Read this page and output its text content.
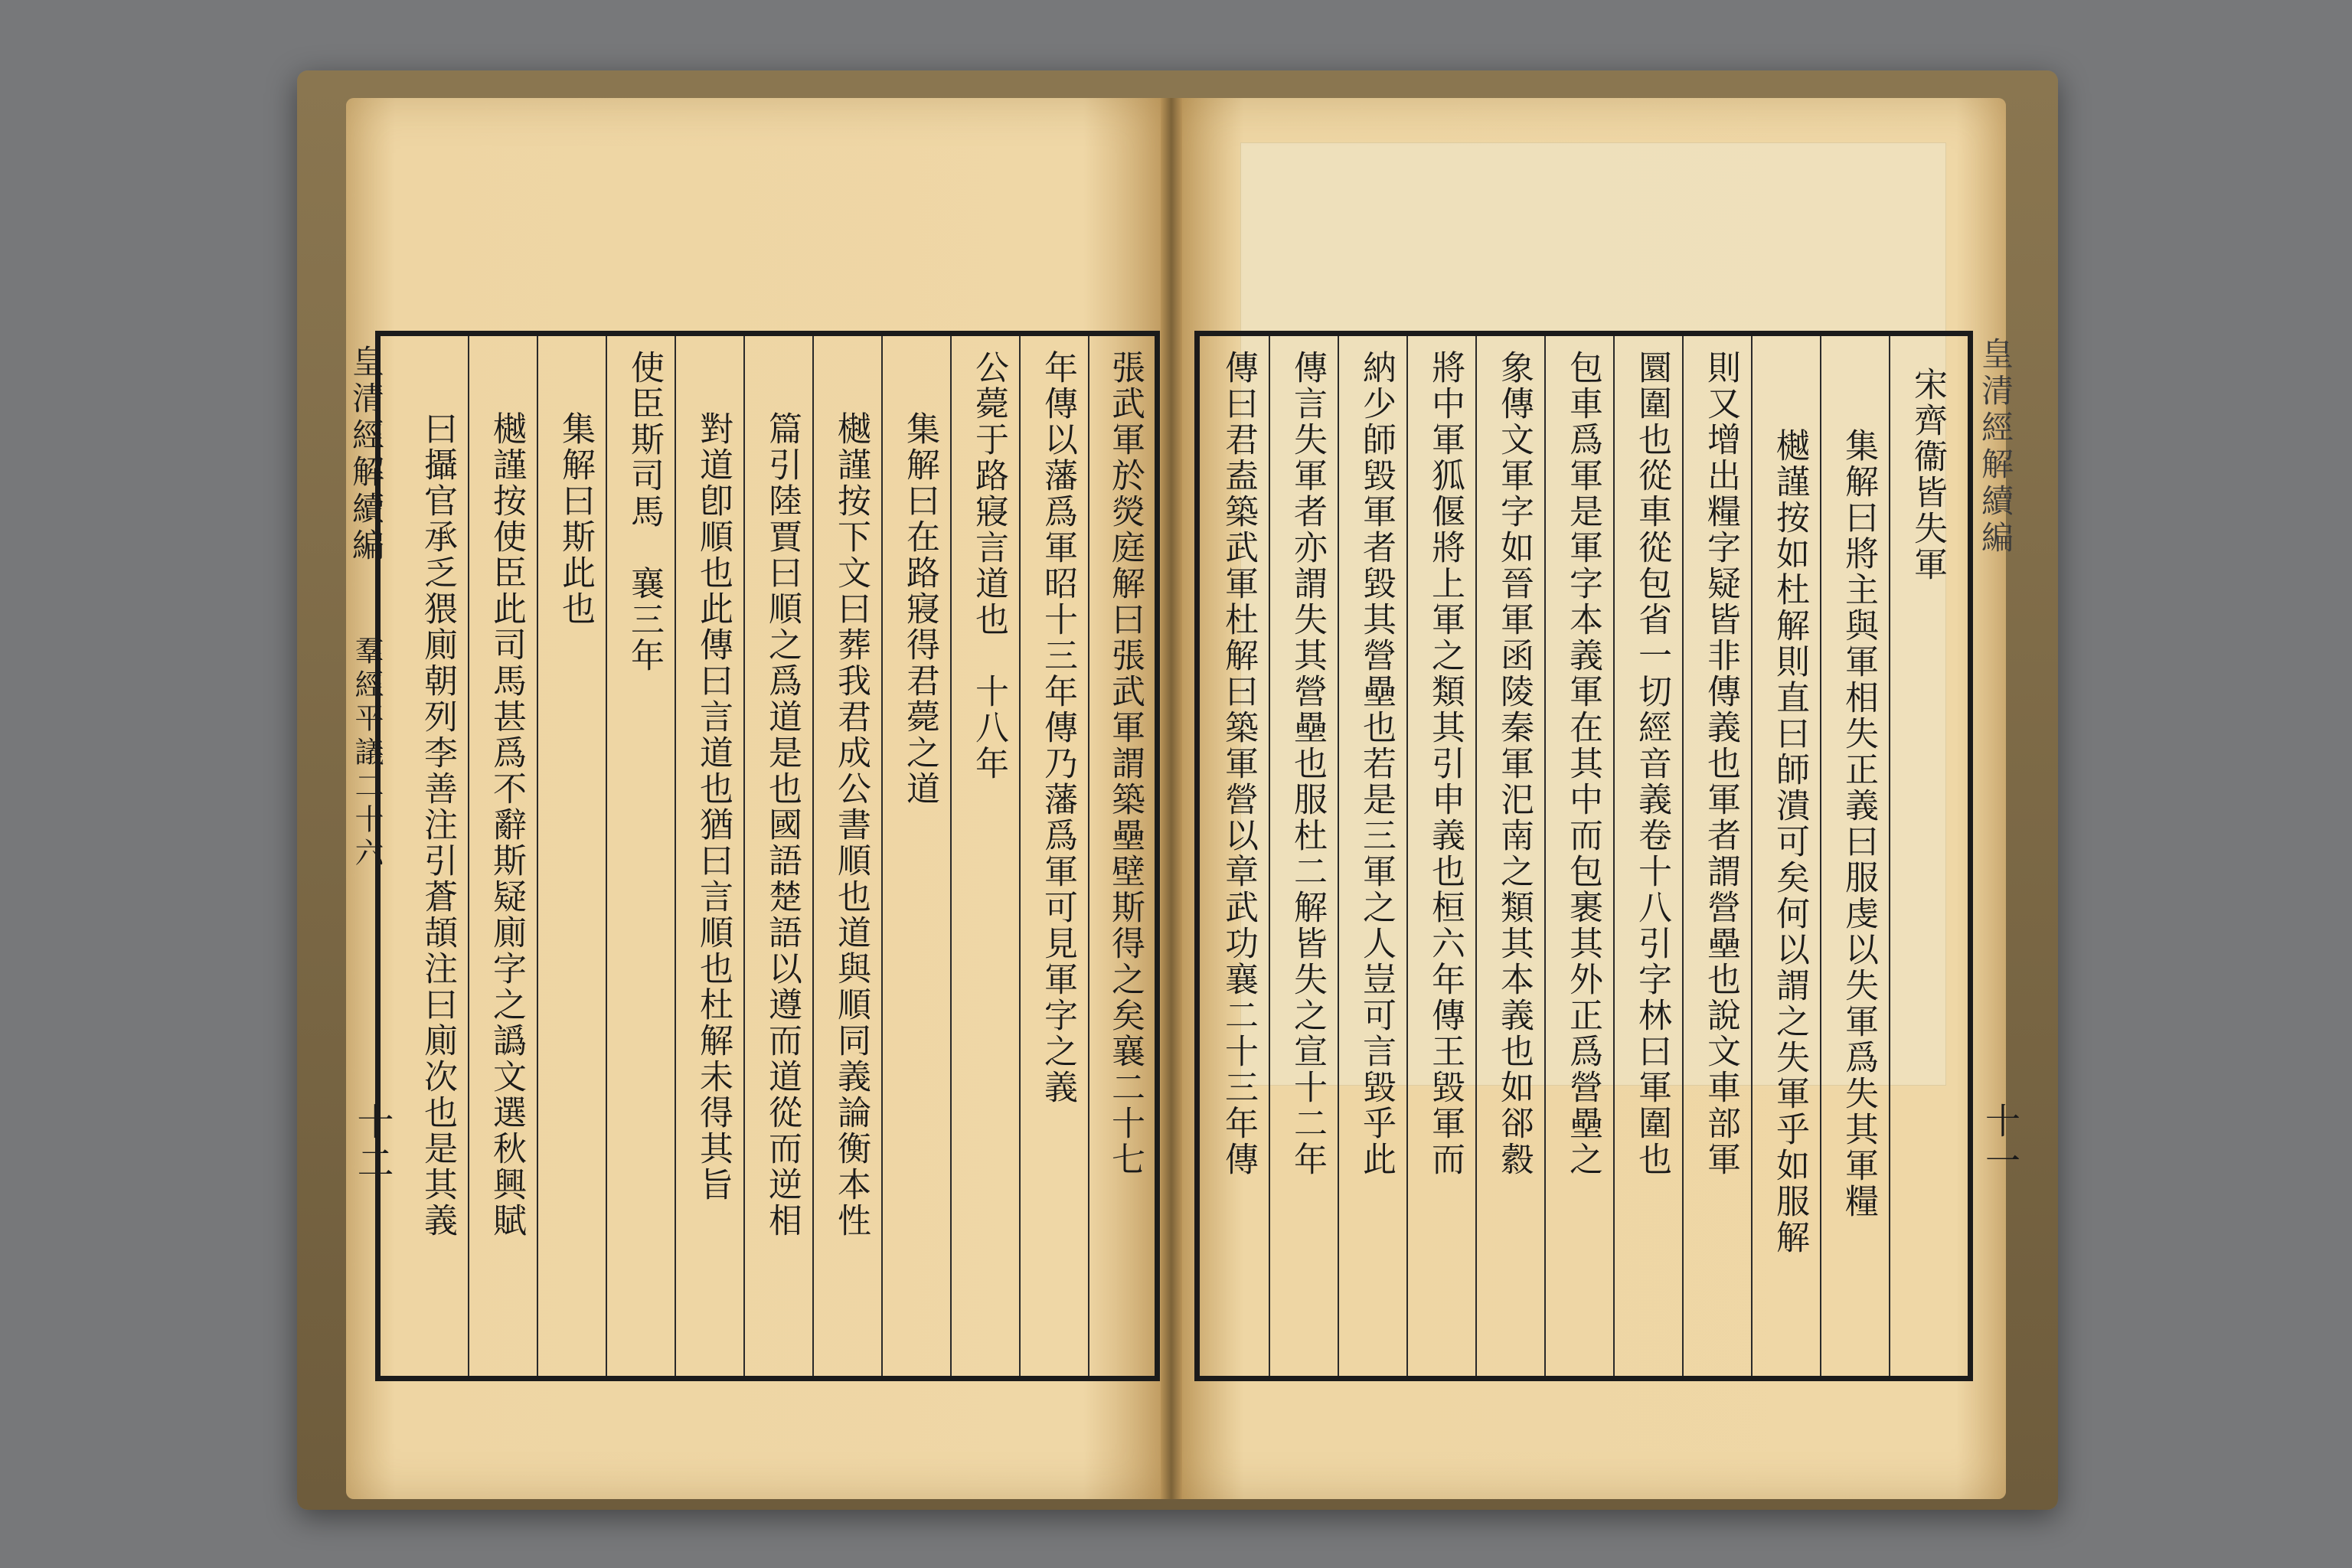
皇清經解續編
羣經平議二十六
十二
皇清經解續編
十一
張武軍於熒庭解曰張武軍謂築壘壁斯得之矣襄二十七
年傳以藩爲軍昭十三年傳乃藩爲軍可見軍字之義
公薨于路寢言道也　十八年
集解曰在路寢得君薨之道
樾謹按下文曰葬我君成公書順也道與順同義論衡本性
篇引陸賈曰順之爲道是也國語楚語以遵而道從而逆相
對道卽順也此傳曰言道也猶曰言順也杜解未得其旨
使臣斯司馬　襄三年
集解曰斯此也
樾謹按使臣此司馬甚爲不辭斯疑廁字之譌文選秋興賦
曰攝官承乏猥廁朝列李善注引蒼頡注曰廁次也是其義	宋齊衞皆失軍
集解曰將主與軍相失正義曰服虔以失軍爲失其軍糧
樾謹按如杜解則直曰師潰可矣何以謂之失軍乎如服解
則又增出糧字疑皆非傳義也軍者謂營壘也說文車部軍
圜圍也從車從包省一切經音義卷十八引字林曰軍圍也
包車爲軍是軍字本義軍在其中而包裹其外正爲營壘之
象傳文軍字如晉軍函陵秦軍汜南之類其本義也如郤縠
將中軍狐偃將上軍之類其引申義也桓六年傳王毀軍而
納少師毀軍者毀其營壘也若是三軍之人豈可言毀乎此
傳言失軍者亦謂失其營壘也服杜二解皆失之宣十二年
傳曰君盍築武軍杜解曰築軍營以章武功襄二十三年傳
